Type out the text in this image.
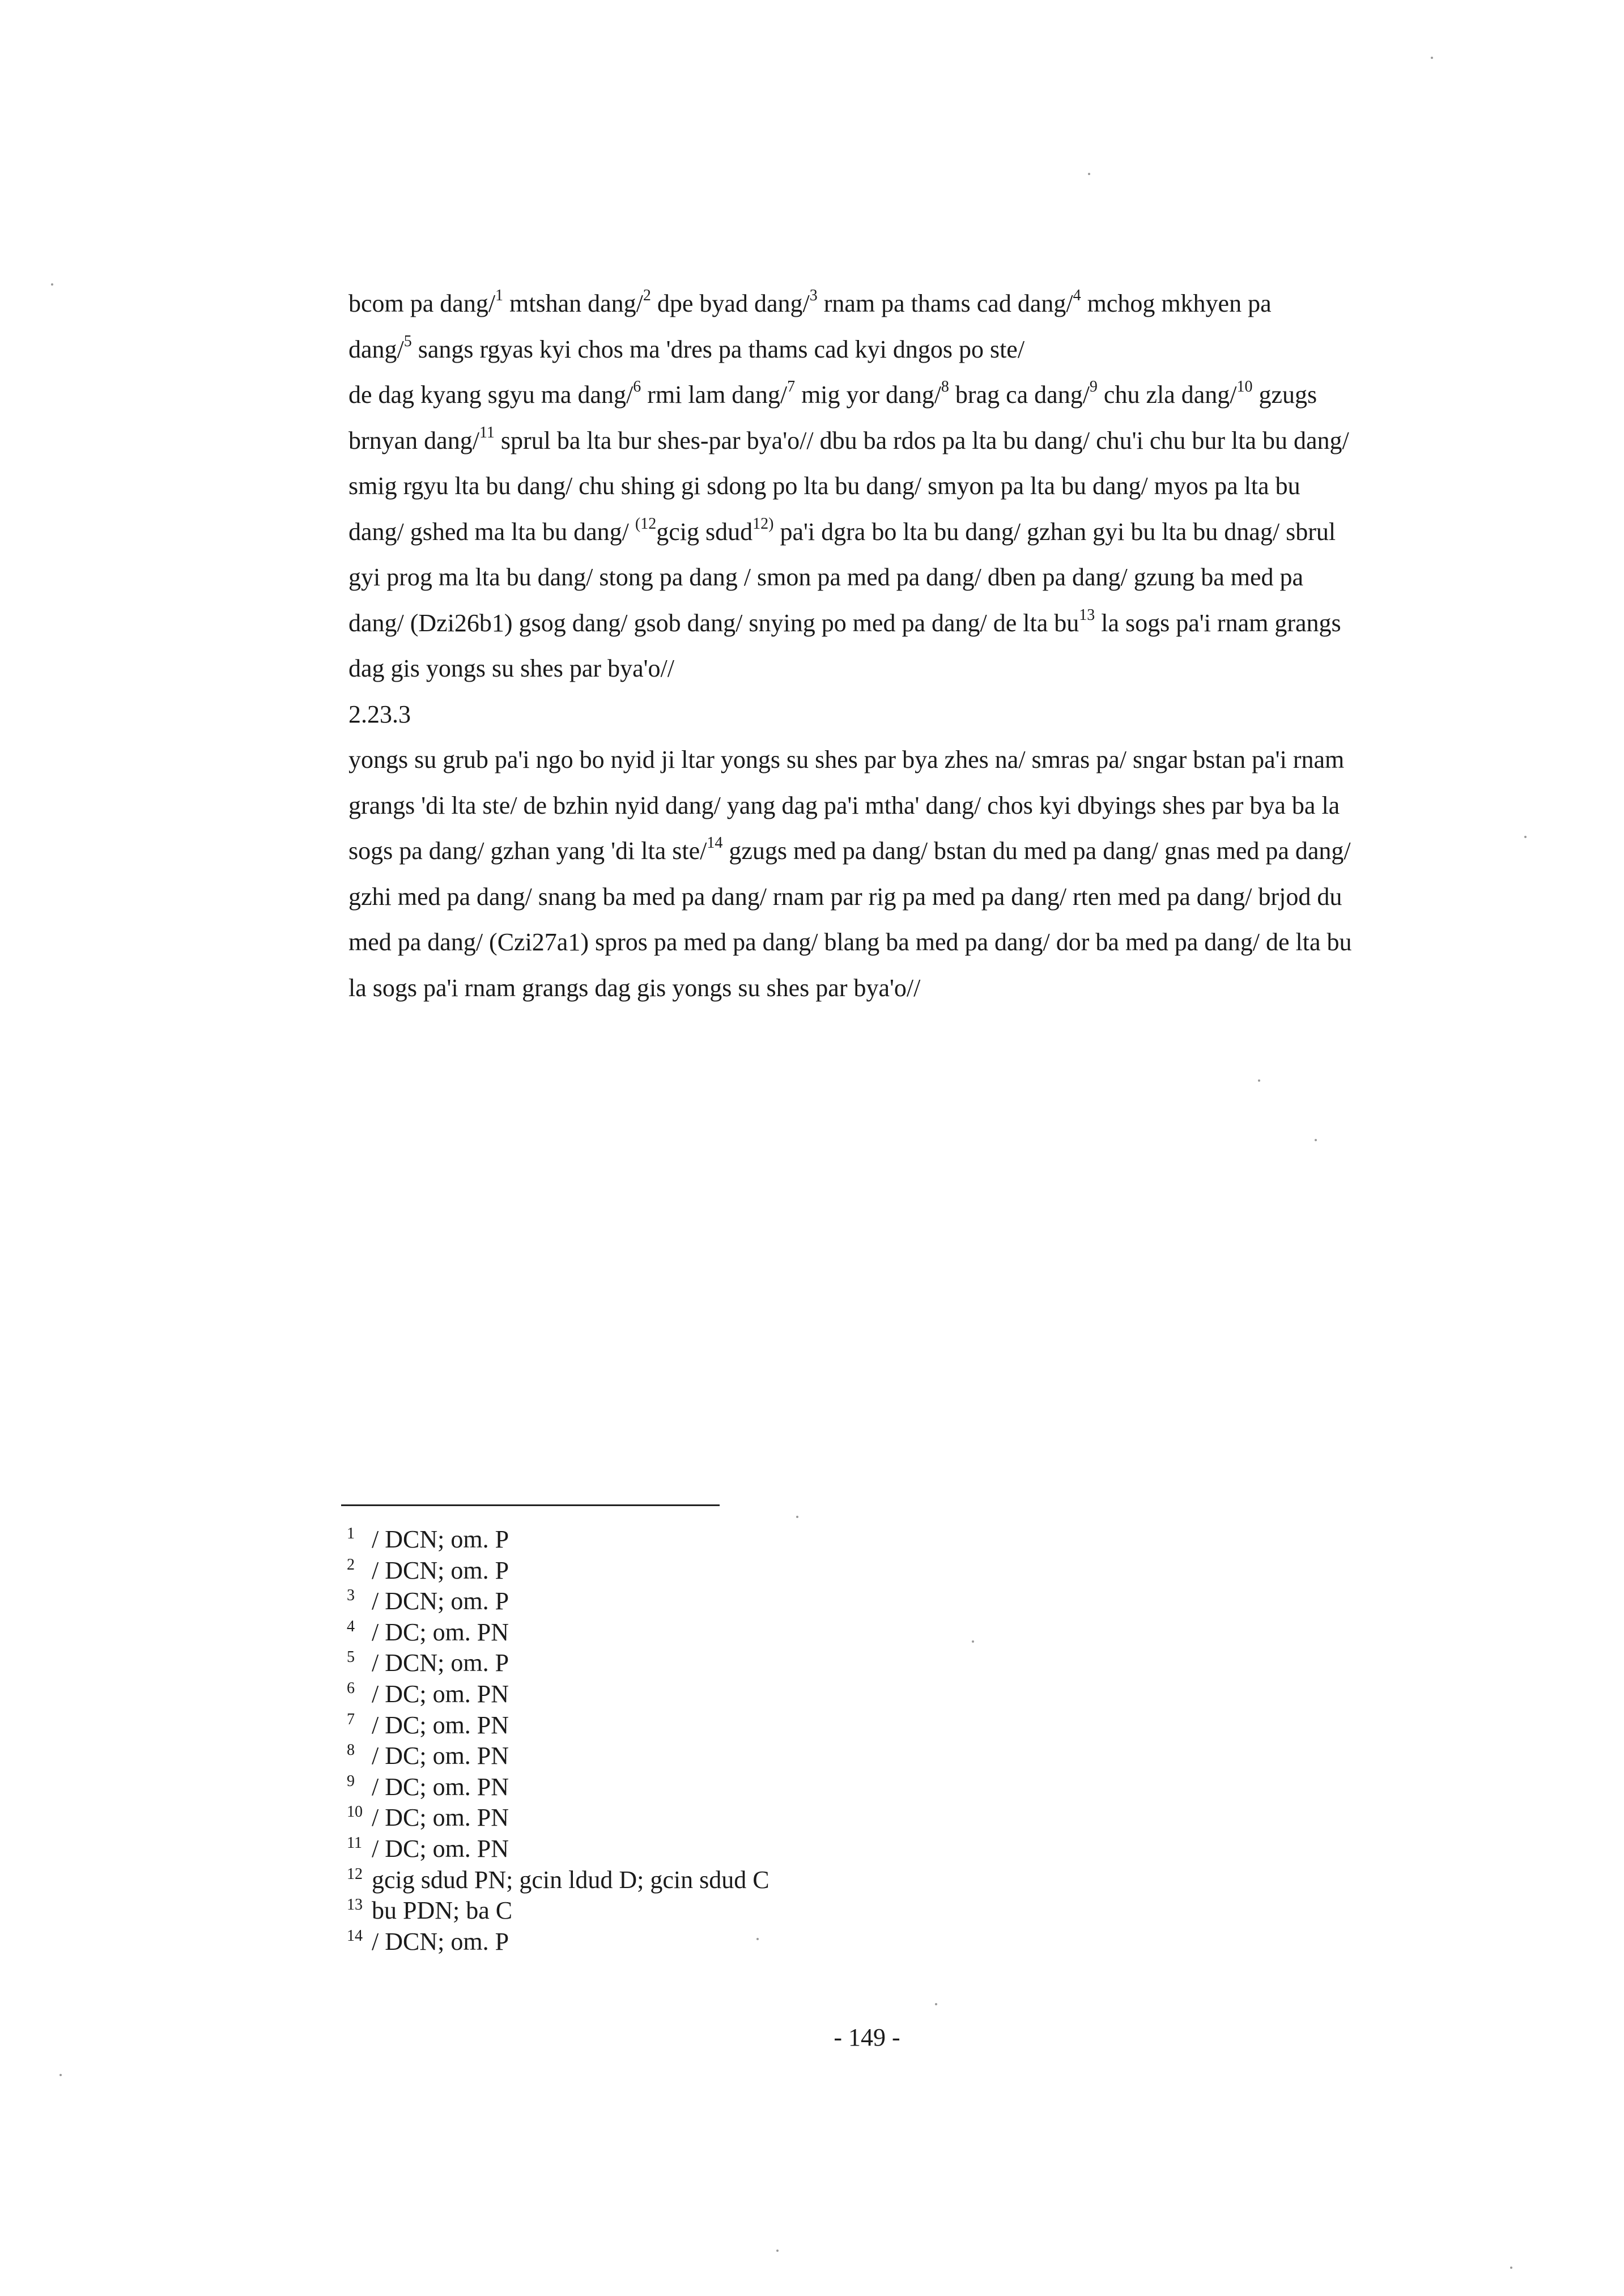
bcom pa dang/$^1$ mtshan dang/$^2$ dpe byad dang/$^3$ rnam pa thams cad dang/$^4$ mchog mkhyen pa
dang/$^5$ sangs rgyas kyi chos ma 'dres pa thams cad kyi dngos po ste/
de dag kyang sgyu ma dang/$^6$ rmi lam dang/$^7$ mig yor dang/$^8$ brag ca dang/$^9$ chu zla dang/$^{10}$ gzugs
brnyan dang/$^{11}$ sprul ba lta bur shes-par bya'o// dbu ba rdos pa lta bu dang/ chu'i chu bur lta bu dang/
smig rgyu lta bu dang/ chu shing gi sdong po lta bu dang/ smyon pa lta bu dang/ myos pa lta bu
dang/ gshed ma lta bu dang/ $^{(12}$gcig sdud$^{12)}$ pa'i dgra bo lta bu dang/ gzhan gyi bu lta bu dnag/ sbrul
gyi prog ma lta bu dang/ stong pa dang / smon pa med pa dang/ dben pa dang/ gzung ba med pa
dang/ (Dzi26b1) gsog dang/ gsob dang/ snying po med pa dang/ de lta $bu^{13}$ la sogs pa'i rnam grangs
dag gis yongs su shes par bya'o//
2.23.3
yongs su grub pa'i ngo bo nyid ji ltar yongs su shes par bya zhes na/ smras pa/ sngar bstan pa'i rnam
grangs 'di lta ste/ de bzhin nyid dang/ yang dag pa'i mtha' dang/ chos kyi dbyings shes par bya ba la
sogs pa dang/ gzhan yang 'di lta ste/$^{14}$ gzugs med pa dang/ bstan du med pa dang/ gnas med pa dang/
gzhi med pa dang/ snang ba med pa dang/ rnam par rig pa med pa dang/ rten med pa dang/ brjod du
med pa dang/ (Czi27a1) spros pa med pa dang/ blang ba med pa dang/ dor ba med pa dang/ de lta bu
la sogs pa'i rnam grangs dag gis yongs su shes par bya'o//
1 / DCN; om. P
2 / DCN; om. P
3 / DCN; om. P
4 / DC; om. PN
5 / DCN; om. P
6 / DC; om. PN
7 / DC; om. PN
8 / DC; om. PN
9 / DC; om. PN
10 / DC; om. PN
11 / DC; om. PN
12 gcig sdud PN; gcin ldud D; gcin sdud C
13 bu PDN; ba C
14 / DCN; om. P
- 149 -
